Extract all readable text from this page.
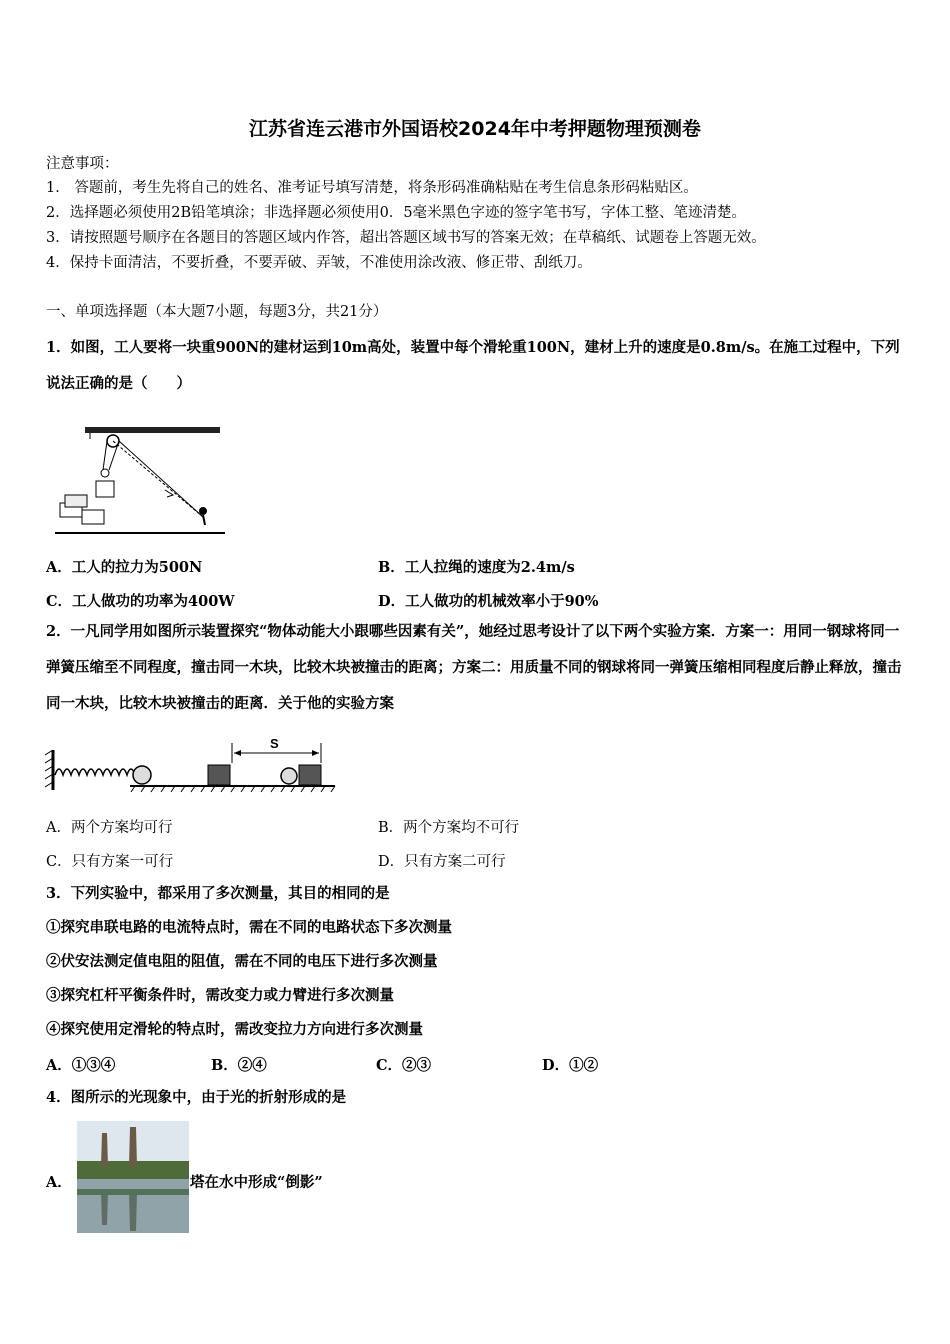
江苏省连云港市外国语校2024年中考押题物理预测卷
注意事项：
1． 答题前，考生先将自己的姓名、准考证号填写清楚，将条形码准确粘贴在考生信息条形码粘贴区。
2．选择题必须使用2B铅笔填涂；非选择题必须使用0．5毫米黑色字迹的签字笔书写，字体工整、笔迹清楚。
3．请按照题号顺序在各题目的答题区域内作答，超出答题区域书写的答案无效；在草稿纸、试题卷上答题无效。
4．保持卡面清洁，不要折叠，不要弄破、弄皱，不准使用涂改液、修正带、刮纸刀。
一、单项选择题（本大题7小题，每题3分，共21分）
1．如图，工人要将一块重900N的建材运到10m高处，装置中每个滑轮重100N，建材上升的速度是0.8m/s。在施工过程中，下列说法正确的是（　　）
A．工人的拉力为500N	B．工人拉绳的速度为2.4m/s
C．工人做功的功率为400W	D．工人做功的机械效率小于90%
2．一凡同学用如图所示装置探究“物体动能大小跟哪些因素有关”，她经过思考设计了以下两个实验方案．方案一：用同一钢球将同一弹簧压缩至不同程度，撞击同一木块，比较木块被撞击的距离；方案二：用质量不同的钢球将同一弹簧压缩相同程度后静止释放，撞击同一木块，比较木块被撞击的距离．关于他的实验方案
S
A．两个方案均可行	B．两个方案均不可行
C．只有方案一可行	D．只有方案二可行
3．下列实验中，都采用了多次测量，其目的相同的是
①探究串联电路的电流特点时，需在不同的电路状态下多次测量
②伏安法测定值电阻的阻值，需在不同的电压下进行多次测量
③探究杠杆平衡条件时，需改变力或力臂进行多次测量
④探究使用定滑轮的特点时，需改变拉力方向进行多次测量
A．①③④	B．②④	C．②③	D．①②
4．图所示的光现象中，由于光的折射形成的是
A．	塔在水中形成“倒影”
